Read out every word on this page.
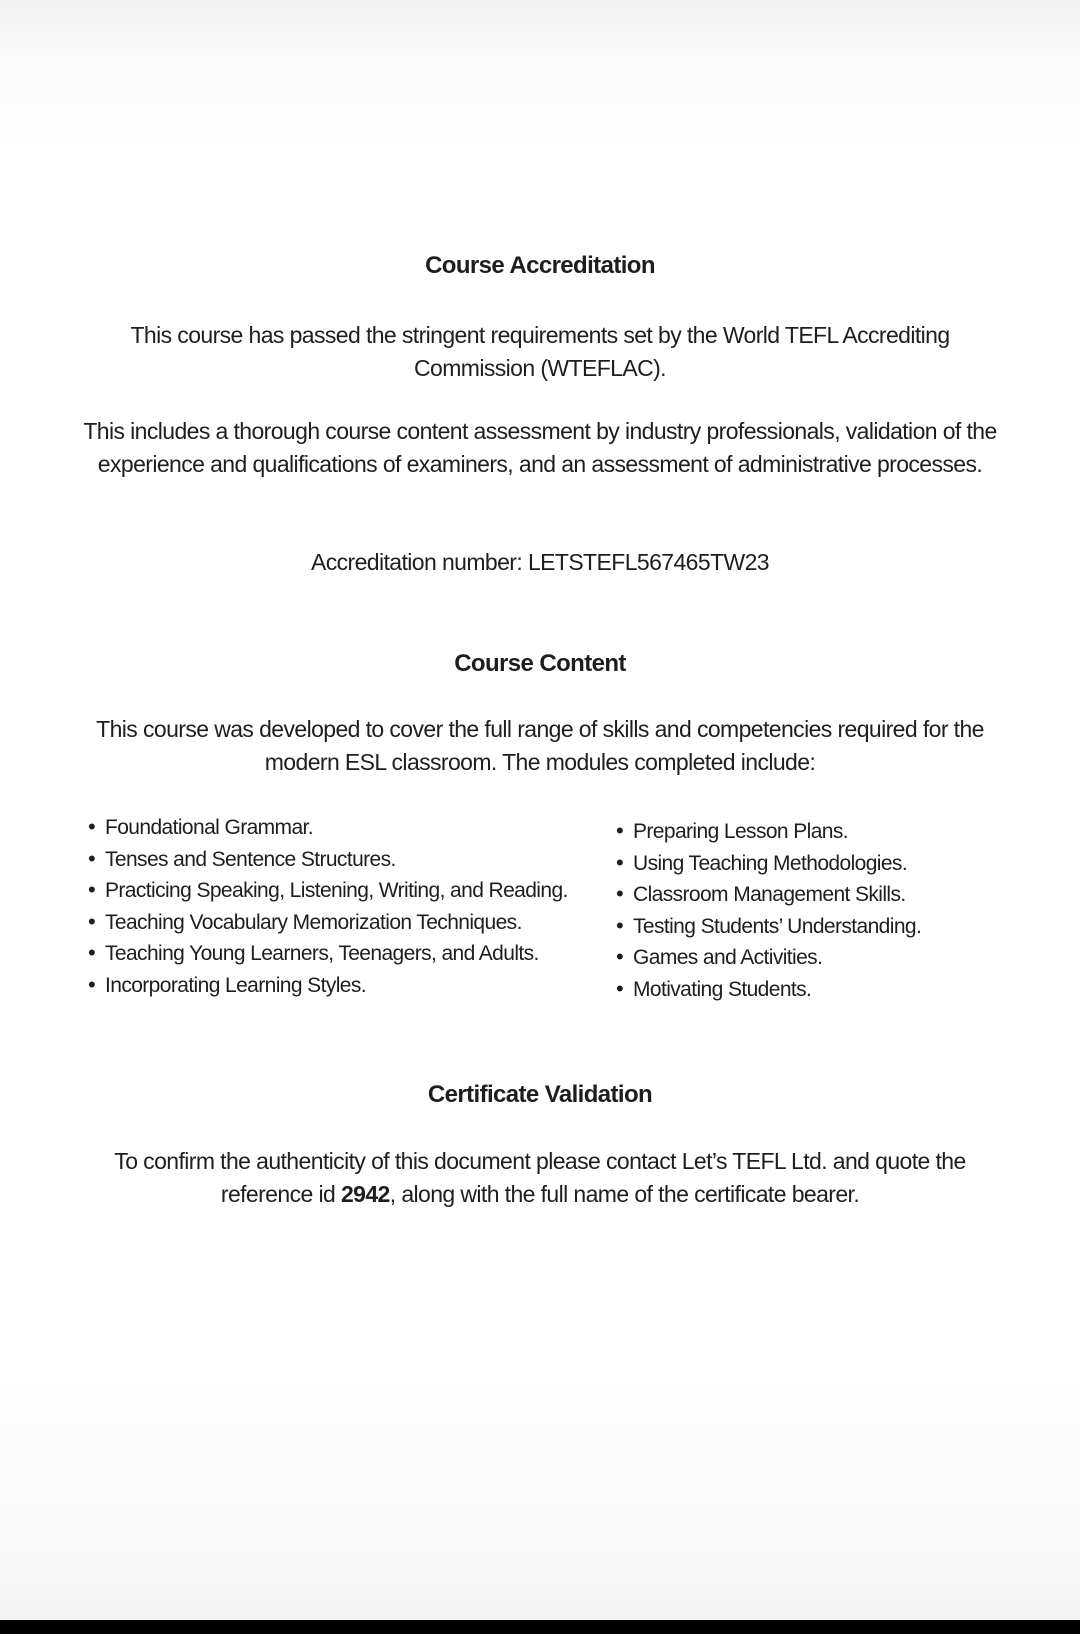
Course Accreditation

This course has passed the stringent requirements set by the World TEFL Accrediting Commission (WTEFLAC).

This includes a thorough course content assessment by industry professionals, validation of the experience and qualifications of examiners, and an assessment of administrative processes.

Accreditation number: LETSTEFL567465TW23

Course Content

This course was developed to cover the full range of skills and competencies required for the modern ESL classroom. The modules completed include:

• Foundational Grammar.
• Tenses and Sentence Structures.
• Practicing Speaking, Listening, Writing, and Reading.
• Teaching Vocabulary Memorization Techniques.
• Teaching Young Learners, Teenagers, and Adults.
• Incorporating Learning Styles.
• Preparing Lesson Plans.
• Using Teaching Methodologies.
• Classroom Management Skills.
• Testing Students’ Understanding.
• Games and Activities.
• Motivating Students.
Certificate Validation

To confirm the authenticity of this document please contact Let’s TEFL Ltd. and quote the reference id 2942, along with the full name of the certificate bearer.
